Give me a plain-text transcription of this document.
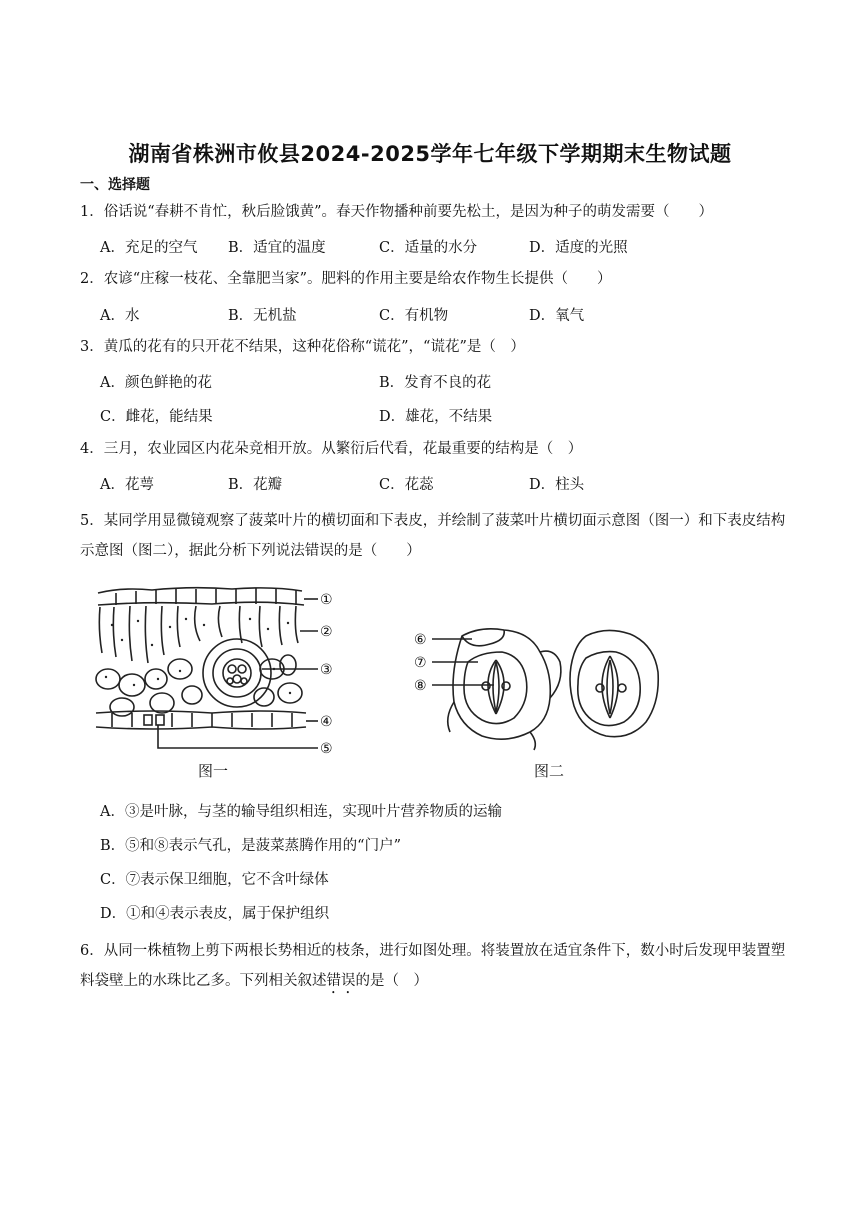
湖南省株洲市攸县2024-2025学年七年级下学期期末生物试题
一、选择题
1．俗话说“春耕不肯忙，秋后脸饿黄”。春天作物播种前要先松土，是因为种子的萌发需要（　　）
A．充足的空气 B．适宜的温度	C．适量的水分	D．适度的光照
2．农谚“庄稼一枝花、全靠肥当家”。肥料的作用主要是给农作物生长提供（　　）
A．水	B．无机盐	C．有机物	D．氧气
3．黄瓜的花有的只开花不结果，这种花俗称“谎花”，“谎花”是（　）
A．颜色鲜艳的花	B．发育不良的花
C．雌花，能结果	D．雄花，不结果
4．三月，农业园区内花朵竞相开放。从繁衍后代看，花最重要的结构是（　）
A．花萼	B．花瓣	C．花蕊	D．柱头
5．某同学用显微镜观察了菠菜叶片的横切面和下表皮，并绘制了菠菜叶片横切面示意图（图一）和下表皮结构示意图（图二），据此分析下列说法错误的是（　　）
①
②
③
④
⑤
图一
⑥
⑦
⑧
图二
A．③是叶脉，与茎的输导组织相连，实现叶片营养物质的运输
B．⑤和⑧表示气孔，是菠菜蒸腾作用的“门户”
C．⑦表示保卫细胞，它不含叶绿体
D．①和④表示表皮，属于保护组织
6．从同一株植物上剪下两根长势相近的枝条，进行如图处理。将装置放在适宜条件下，数小时后发现甲装置塑料袋壁上的水珠比乙多。下列相关叙述错误的是（　）
